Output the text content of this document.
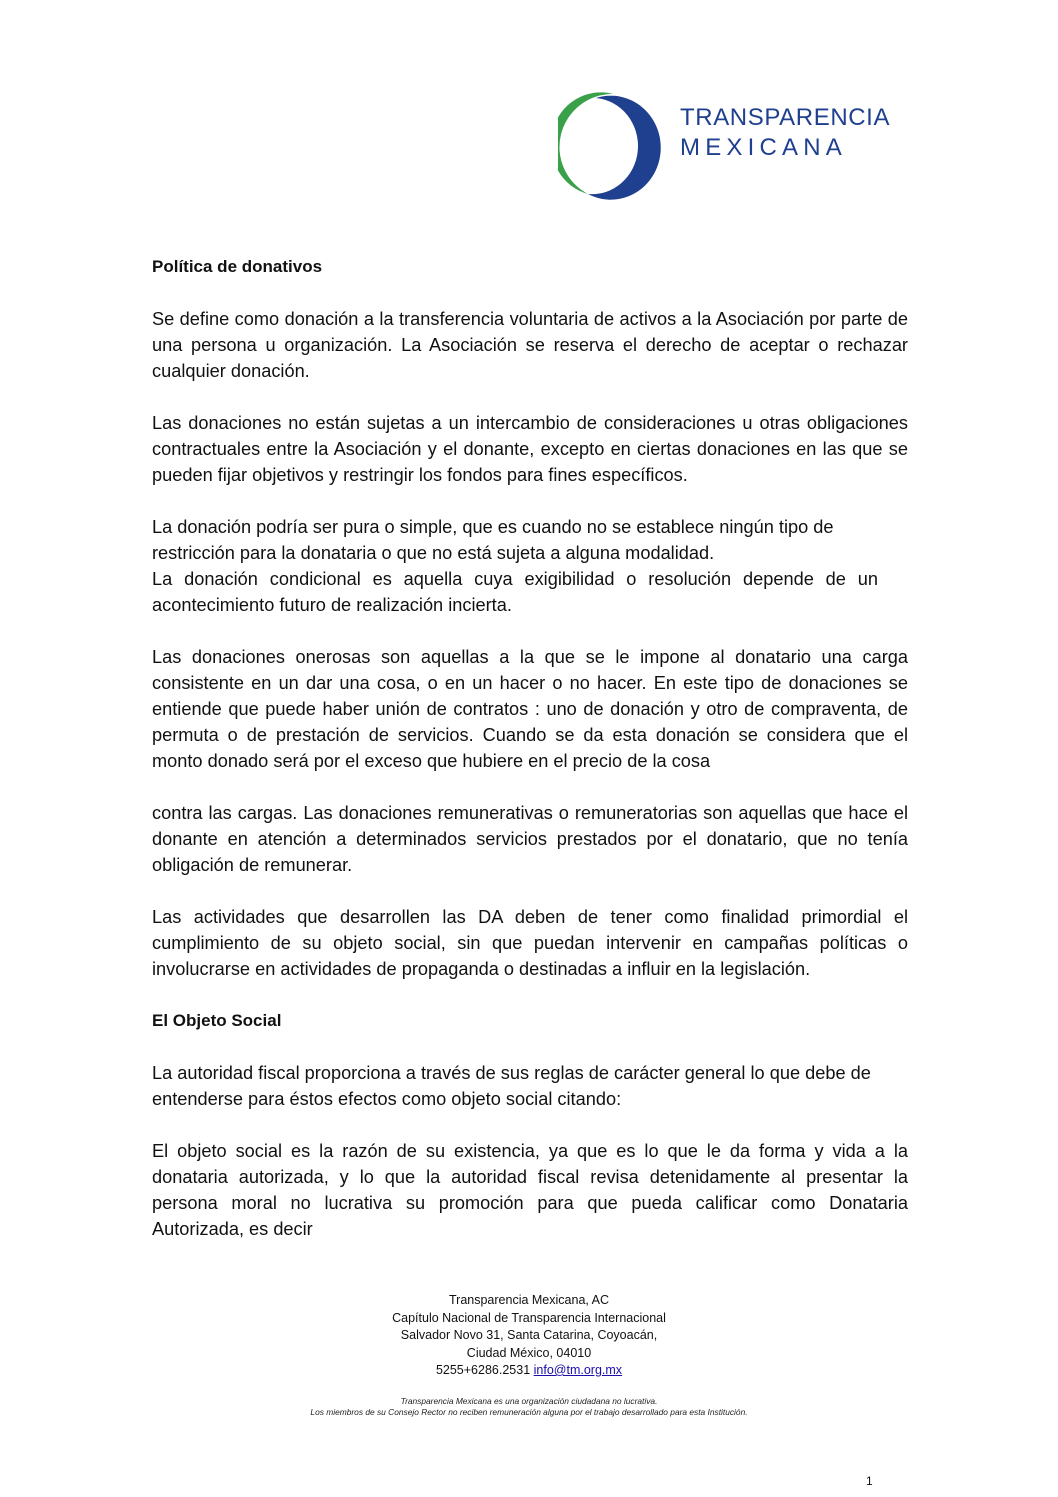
TRANSPARENCIA
MEXICANA

Política de donativos

Se define como donación a la transferencia voluntaria de activos a la Asociación por parte de una persona u organización. La Asociación se reserva el derecho de aceptar o rechazar cualquier donación.

Las donaciones no están sujetas a un intercambio de consideraciones u otras obligaciones contractuales entre la Asociación y el donante, excepto en ciertas donaciones en las que se pueden fijar objetivos y restringir los fondos para fines específicos.

La donación podría ser pura o simple, que es cuando no se establece ningún tipo de restricción para la donataria o que no está sujeta a alguna modalidad.

La donación condicional es aquella cuya exigibilidad o resolución depende de un acontecimiento futuro de realización incierta.

Las donaciones onerosas son aquellas a la que se le impone al donatario una carga consistente en un dar una cosa, o en un hacer o no hacer. En este tipo de donaciones se entiende que puede haber unión de contratos : uno de donación y otro de compraventa, de permuta o de prestación de servicios. Cuando se da esta donación se considera que el monto donado será por el exceso que hubiere en el precio de la cosa

contra las cargas. Las donaciones remunerativas o remuneratorias son aquellas que hace el donante en atención a determinados servicios prestados por el donatario, que no tenía obligación de remunerar.

Las actividades que desarrollen las DA deben de tener como finalidad primordial el cumplimiento de su objeto social, sin que puedan intervenir en campañas políticas o involucrarse en actividades de propaganda o destinadas a influir en la legislación.

El Objeto Social

La autoridad fiscal proporciona a través de sus reglas de carácter general lo que debe de entenderse para éstos efectos como objeto social citando:

El objeto social es la razón de su existencia, ya que es lo que le da forma y vida a la donataria autorizada, y lo que la autoridad fiscal revisa detenidamente al presentar la persona moral no lucrativa su promoción para que pueda calificar como Donataria Autorizada, es decir

Transparencia Mexicana, AC
Capítulo Nacional de Transparencia Internacional
Salvador Novo 31, Santa Catarina, Coyoacán,
Ciudad México, 04010
5255+6286.2531 info@tm.org.mx
Transparencia Mexicana es una organización ciudadana no lucrativa.
Los miembros de su Consejo Rector no reciben remuneración alguna por el trabajo desarrollado para esta Institución.
1
